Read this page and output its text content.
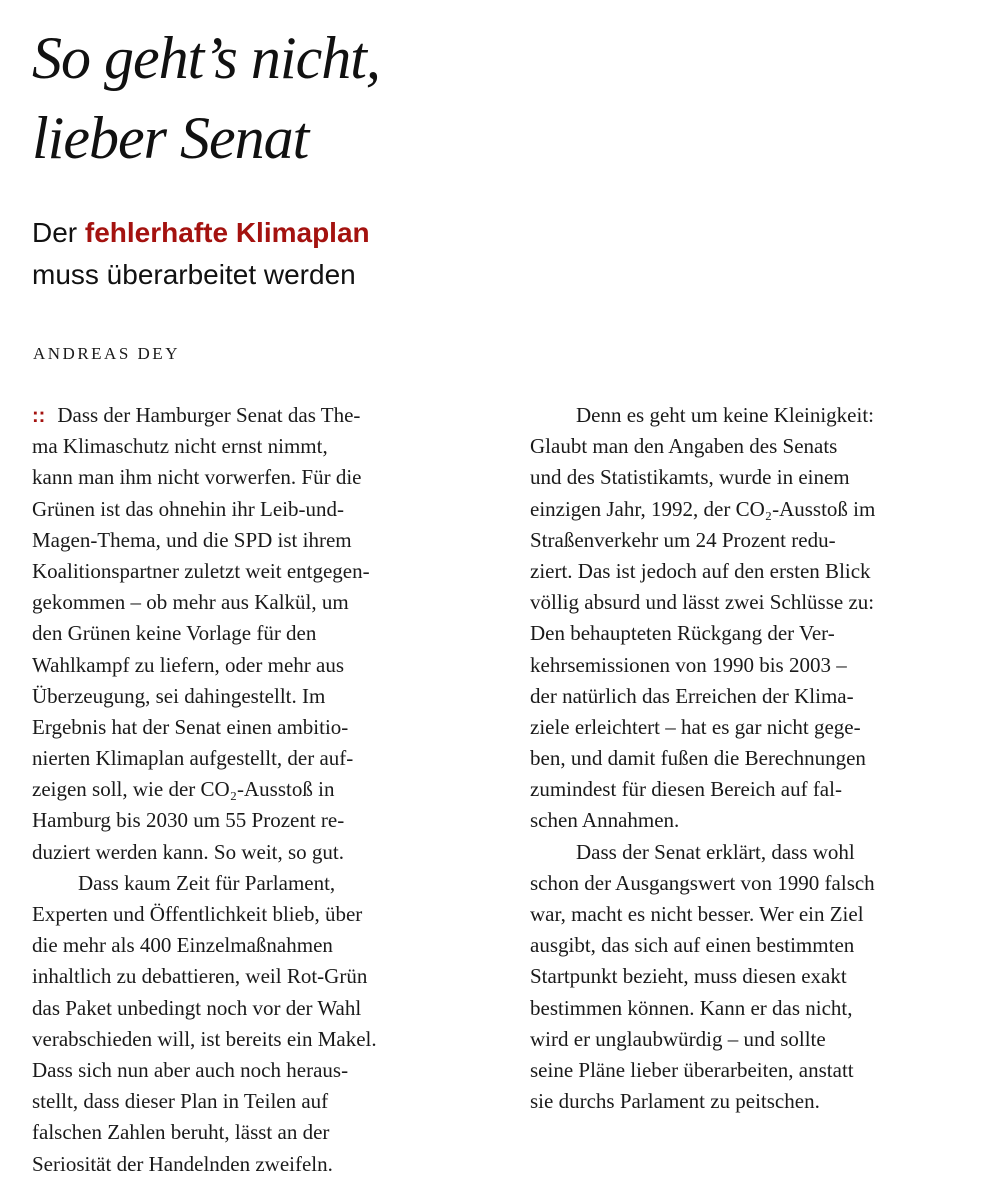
So geht’s nicht,
lieber Senat
Der fehlerhafte Klimaplan
muss überarbeitet werden

ANDREAS DEY

:: Dass der Hamburger Senat das The-
ma Klimaschutz nicht ernst nimmt,
kann man ihm nicht vorwerfen. Für die
Grünen ist das ohnehin ihr Leib-und-
Magen-Thema, und die SPD ist ihrem
Koalitionspartner zuletzt weit entgegen-
gekommen – ob mehr aus Kalkül, um
den Grünen keine Vorlage für den
Wahlkampf zu liefern, oder mehr aus
Überzeugung, sei dahingestellt. Im
Ergebnis hat der Senat einen ambitio-
nierten Klimaplan aufgestellt, der auf-
zeigen soll, wie der CO₂-Ausstoß in
Hamburg bis 2030 um 55 Prozent re-
duziert werden kann. So weit, so gut.
Dass kaum Zeit für Parlament,
Experten und Öffentlichkeit blieb, über
die mehr als 400 Einzelmaßnahmen
inhaltlich zu debattieren, weil Rot-Grün
das Paket unbedingt noch vor der Wahl
verabschieden will, ist bereits ein Makel.
Dass sich nun aber auch noch heraus-
stellt, dass dieser Plan in Teilen auf
falschen Zahlen beruht, lässt an der
Seriosität der Handelnden zweifeln.
Denn es geht um keine Kleinigkeit:
Glaubt man den Angaben des Senats
und des Statistikamts, wurde in einem
einzigen Jahr, 1992, der CO₂-Ausstoß im
Straßenverkehr um 24 Prozent redu-
ziert. Das ist jedoch auf den ersten Blick
völlig absurd und lässt zwei Schlüsse zu:
Den behaupteten Rückgang der Ver-
kehrsemissionen von 1990 bis 2003 –
der natürlich das Erreichen der Klima-
ziele erleichtert – hat es gar nicht gege-
ben, und damit fußen die Berechnungen
zumindest für diesen Bereich auf fal-
schen Annahmen.
Dass der Senat erklärt, dass wohl
schon der Ausgangswert von 1990 falsch
war, macht es nicht besser. Wer ein Ziel
ausgibt, das sich auf einen bestimmten
Startpunkt bezieht, muss diesen exakt
bestimmen können. Kann er das nicht,
wird er unglaubwürdig – und sollte
seine Pläne lieber überarbeiten, anstatt
sie durchs Parlament zu peitschen.
